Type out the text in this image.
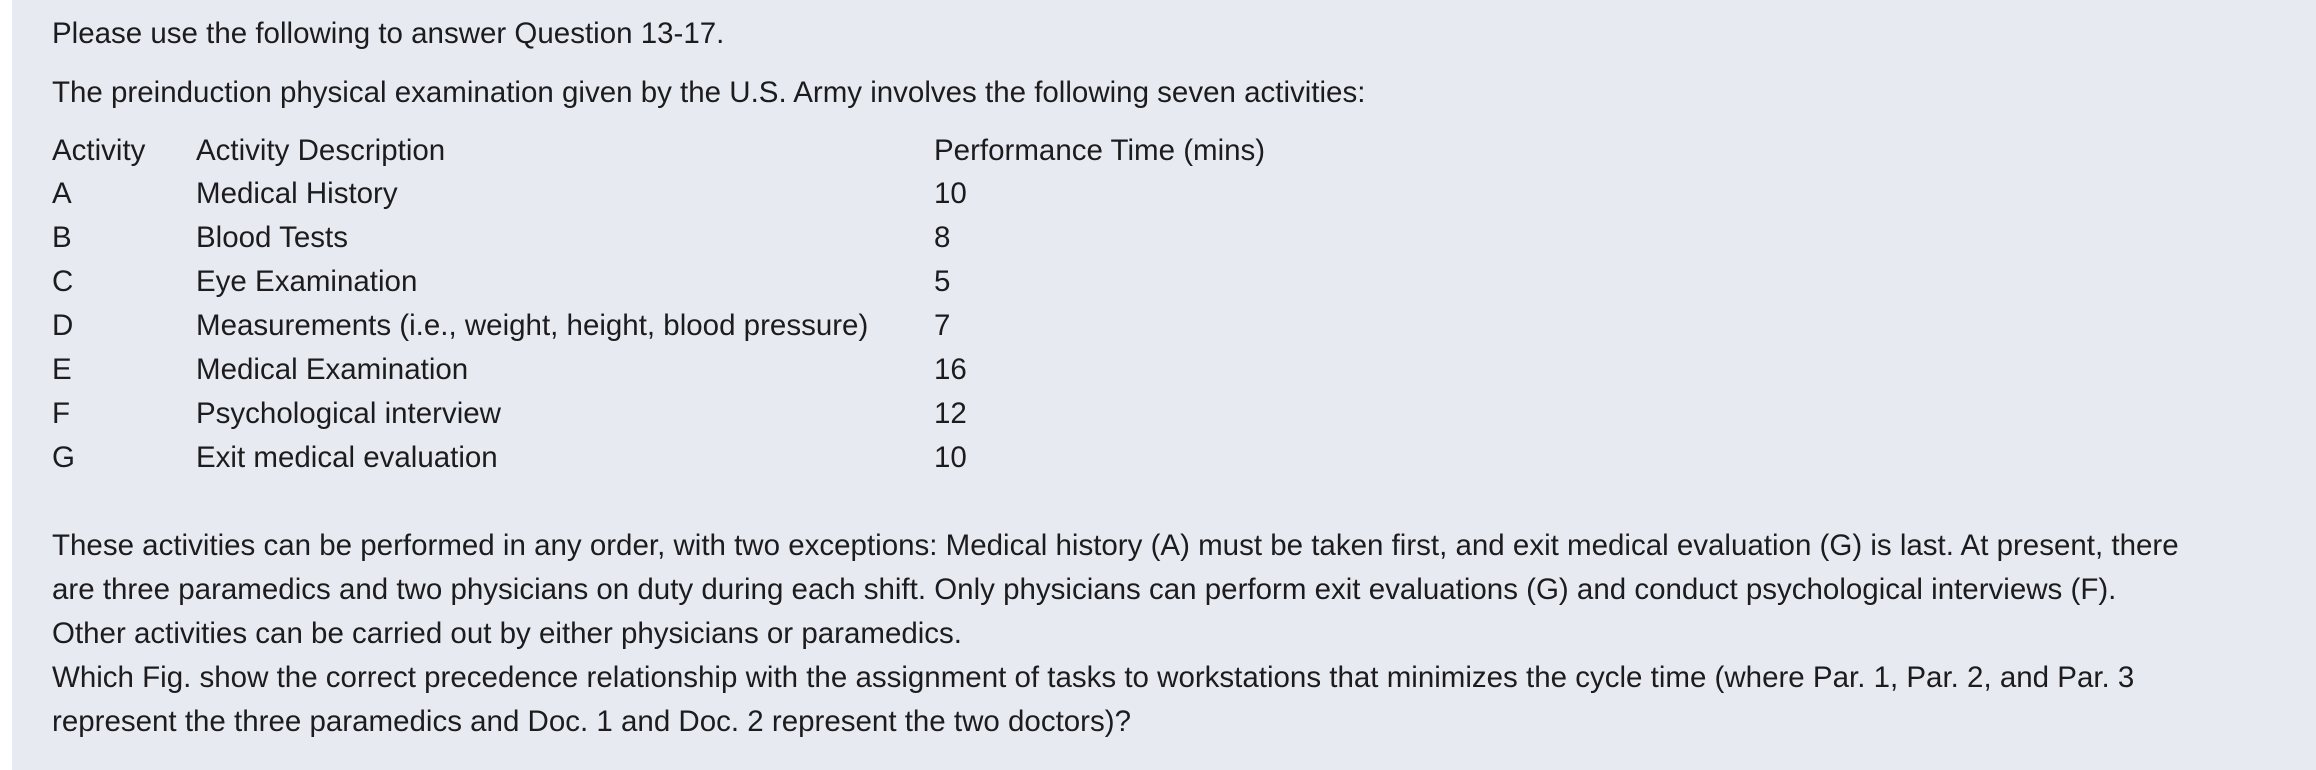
Please use the following to answer Question 13-17.

The preinduction physical examination given by the U.S. Army involves the following seven activities:

Activity	Activity Description	Performance Time (mins)
A	Medical History	10
B	Blood Tests	8
C	Eye Examination	5
D	Measurements (i.e., weight, height, blood pressure)	7
E	Medical Examination	16
F	Psychological interview	12
G	Exit medical evaluation	10

These activities can be performed in any order, with two exceptions: Medical history (A) must be taken first, and exit medical evaluation (G) is last. At present, there

are three paramedics and two physicians on duty during each shift. Only physicians can perform exit evaluations (G) and conduct psychological interviews (F).

Other activities can be carried out by either physicians or paramedics.

Which Fig. show the correct precedence relationship with the assignment of tasks to workstations that minimizes the cycle time (where Par. 1, Par. 2, and Par. 3

represent the three paramedics and Doc. 1 and Doc. 2 represent the two doctors)?
